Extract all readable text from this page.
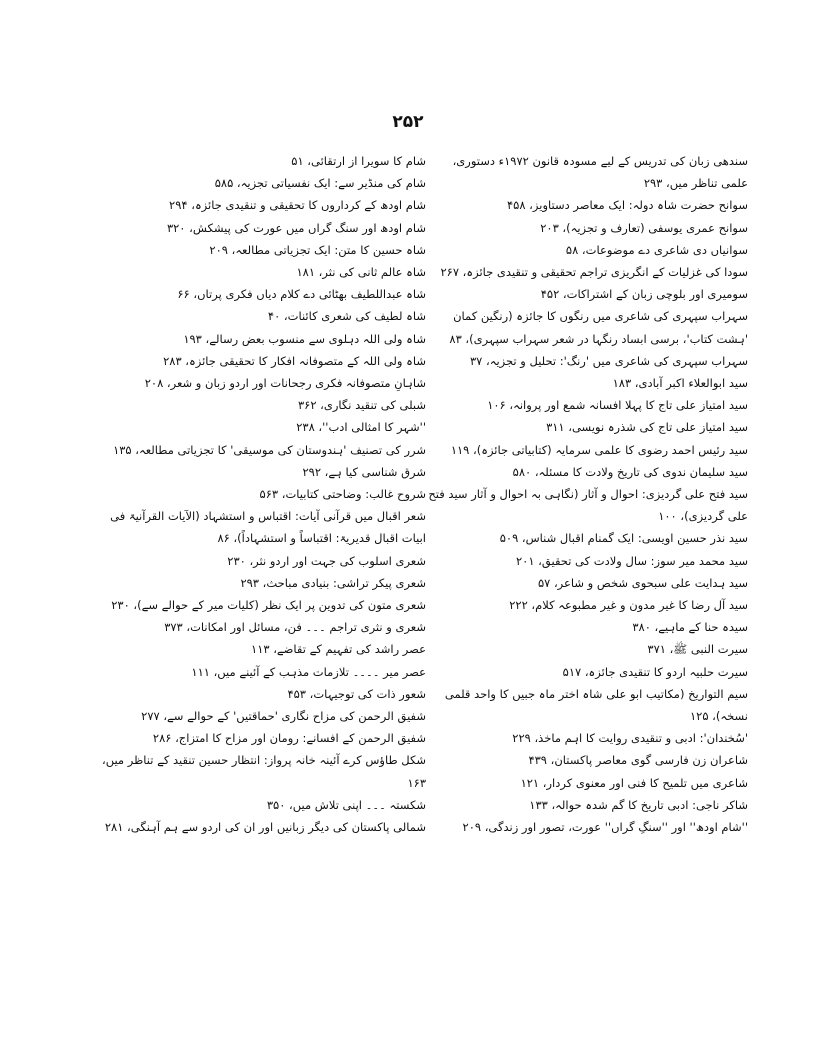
۲۵۲

سندھی زبان کی تدریس کے لیے مسودہ قانون ۱۹۷۲ء دستوری، علمی تناظر میں، ۲۹۳

سوانح حضرت شاہ دولہ: ایک معاصر دستاویز، ۴۵۸

سوانح عمری یوسفی (تعارف و تجزیہ)، ۲۰۳

سوانیاں دی شاعری دے موضوعات، ۵۸

سودا کی غزلیات کے انگریزی تراجم تحقیقی و تنقیدی جائزہ، ۲۶۷

سومیری اور بلوچی زبان کے اشتراکات، ۴۵۲

سہراب سپہری کی شاعری میں رنگوں کا جائزہ (رنگین کمان 'ہشت کتاب'، برسی ابساد رنگہا در شعر سہراب سپہری)، ۸۳

سہراب سپہری کی شاعری میں 'رنگ': تحلیل و تجزیہ، ۳۷

سید ابوالعلاء اکبر آبادی، ۱۸۳

سید امتیاز علی تاج کا پہلا افسانہ شمع اور پروانہ، ۱۰۶

سید امتیاز علی تاج کی شذرہ نویسی، ۳۱۱

سید رئیس احمد رضوی کا علمی سرمایہ (کتابیاتی جائزہ)، ۱۱۹

سید سلیمان ندوی کی تاریخ ولادت کا مسئلہ، ۵۸۰

سید فتح علی گردیزی: احوال و آثار (نگاہی بہ احوال و آثار سید فتح علی گردیزی)، ۱۰۰

سید نذر حسین اویسی: ایک گمنام اقبال شناس، ۵۰۹

سید محمد میر سوز: سال ولادت کی تحقیق، ۲۰۱

سید ہدایت علی سبحوی شخص و شاعر، ۵۷

سید آل رضا کا غیر مدون و غیر مطبوعہ کلام، ۲۲۲

سیدہ حنا کے ماہیے، ۳۸۰

سیرت النبی ﷺ، ۳۷۱

سیرت حلبیہ اردو کا تنقیدی جائزہ، ۵۱۷

سیم التواریخ (مکاتیب ابو علی شاہ اختر ماہ جبیں کا واحد قلمی نسخہ)، ۱۲۵

'سُخندان': ادبی و تنقیدی روایت کا اہم ماخذ، ۲۲۹

شاعران زن فارسی گوی معاصر پاکستان، ۴۳۹

شاعری میں تلمیح کا فنی اور معنوی کردار، ۱۲۱

شاکر ناجی: ادبی تاریخ کا گم شدہ حوالہ، ۱۳۳

''شام اودھ'' اور ''سنگِ گراں'' عورت، تصور اور زندگی، ۲۰۹

شام کا سویرا از ارتقائی، ۵۱

شام کی منڈیر سے: ایک نفسیاتی تجزیہ، ۵۸۵

شام اودھ کے کرداروں کا تحقیقی و تنقیدی جائزہ، ۲۹۴

شام اودھ اور سنگ گراں میں عورت کی پیشکش، ۳۲۰

شاہ حسین کا متن: ایک تجزیاتی مطالعہ، ۲۰۹

شاہ عالم ثانی کی نثر، ۱۸۱

شاہ عبداللطیف بھٹائی دے کلام دیاں فکری پرتاں، ۶۶

شاہ لطیف کی شعری کائنات، ۴۰

شاہ ولی اللہ دہلوی سے منسوب بعض رسالے، ۱۹۳

شاہ ولی اللہ کے متصوفانہ افکار کا تحقیقی جائزہ، ۲۸۳

شاہانِ متصوفانہ فکری رجحانات اور اردو زبان و شعر، ۲۰۸

شبلی کی تنقید نگاری، ۳۶۲

''شہر کا امثالی ادب''، ۲۳۸

شرر کی تصنیف 'ہندوستان کی موسیقی' کا تجزیاتی مطالعہ، ۱۳۵

شرق شناسی کیا ہے، ۲۹۲

شروح غالب: وضاحتی کتابیات، ۵۶۳

شعر اقبال میں قرآنی آیات: اقتباس و استشہاد (الآیات القرآنیۃ فی ابیات اقبال قدیریۃ: اقتباساً و استشہاداً)، ۸۶

شعری اسلوب کی جہت اور اردو نثر، ۲۳۰

شعری پیکر تراشی: بنیادی مباحث، ۲۹۳

شعری متون کی تدوین پر ایک نظر (کلیات میر کے حوالے سے)، ۲۳۰

شعری و نثری تراجم ۔۔۔ فن، مسائل اور امکانات، ۳۷۳

عصر راشد کی تفہیم کے تقاضے، ۱۱۳

عصر میر ۔۔۔۔ تلازمات مذہب کے آئینے میں، ۱۱۱

شعور ذات کی توجیہات، ۴۵۳

شفیق الرحمن کی مزاح نگاری 'حماقتیں' کے حوالے سے، ۲۷۷

شفیق الرحمن کے افسانے: رومان اور مزاح کا امتزاج، ۲۸۶

شکل طاؤس کرے آئینہ خانہ پرواز: انتظار حسین تنقید کے تناظر میں، ۱۶۳

شکستہ ۔۔۔ اپنی تلاش میں، ۳۵۰

شمالی پاکستان کی دیگر زبانیں اور ان کی اردو سے ہم آہنگی، ۲۸۱
